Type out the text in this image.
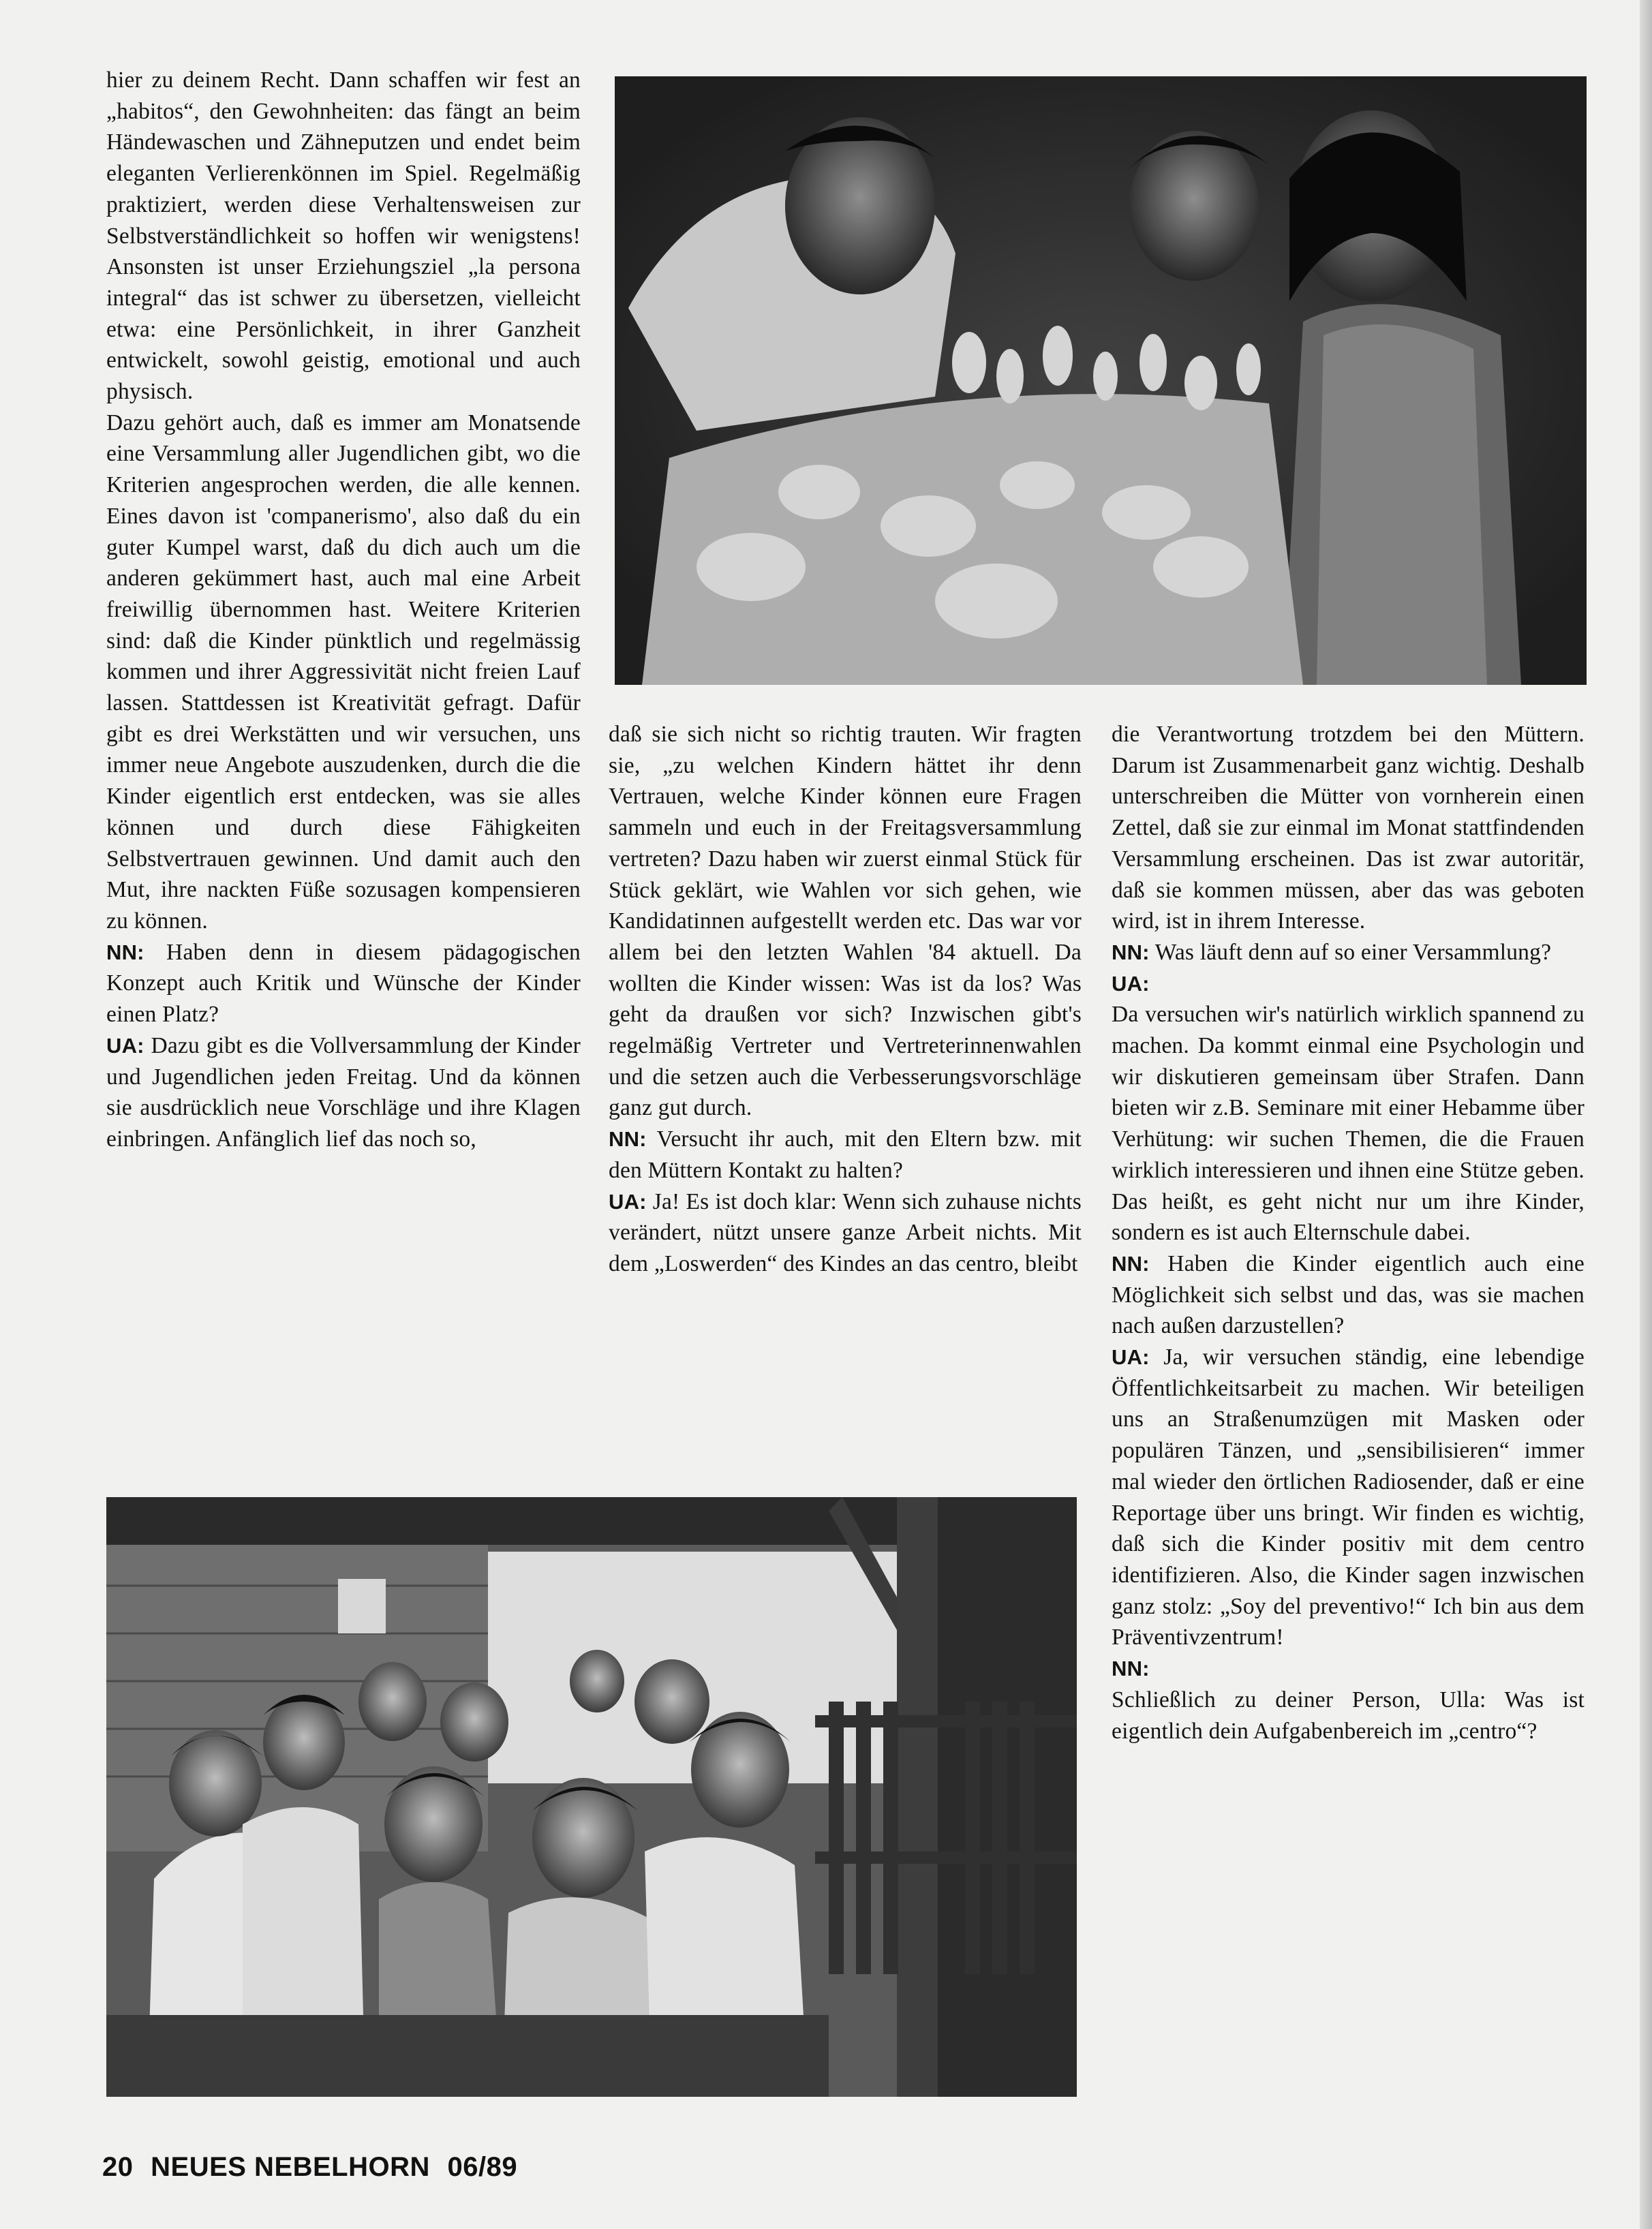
hier zu deinem Recht. Dann schaffen wir fest an „habitos“, den Gewohnheiten: das fängt an beim Händewaschen und Zähneputzen und endet beim eleganten Verlierenkönnen im Spiel. Regelmäßig praktiziert, werden diese Verhaltensweisen zur Selbstverständlichkeit so hoffen wir wenigstens! Ansonsten ist unser Erziehungsziel „la persona integral“ das ist schwer zu übersetzen, vielleicht etwa: eine Persönlichkeit, in ihrer Ganzheit entwickelt, sowohl geistig, emotional und auch physisch.

Dazu gehört auch, daß es immer am Monatsende eine Versammlung aller Jugendlichen gibt, wo die Kriterien angesprochen werden, die alle kennen. Eines davon ist 'companerismo', also daß du ein guter Kumpel warst, daß du dich auch um die anderen gekümmert hast, auch mal eine Arbeit freiwillig übernommen hast. Weitere Kriterien sind: daß die Kinder pünktlich und regelmässig kommen und ihrer Aggressivität nicht freien Lauf lassen. Stattdessen ist Kreativität gefragt. Dafür gibt es drei Werkstätten und wir versuchen, uns immer neue Angebote auszudenken, durch die die Kinder eigentlich erst entdecken, was sie alles können und durch diese Fähigkeiten Selbstvertrauen gewinnen. Und damit auch den Mut, ihre nackten Füße sozusagen kompensieren zu können.

NN: Haben denn in diesem pädagogischen Konzept auch Kritik und Wünsche der Kinder einen Platz?

UA: Dazu gibt es die Vollversammlung der Kinder und Jugendlichen jeden Freitag. Und da können sie ausdrücklich neue Vorschläge und ihre Klagen einbringen. Anfänglich lief das noch so,

daß sie sich nicht so richtig trauten. Wir fragten sie, „zu welchen Kindern hättet ihr denn Vertrauen, welche Kinder können eure Fragen sammeln und euch in der Freitagsversammlung vertreten? Dazu haben wir zuerst einmal Stück für Stück geklärt, wie Wahlen vor sich gehen, wie Kandidatinnen aufgestellt werden etc. Das war vor allem bei den letzten Wahlen '84 aktuell. Da wollten die Kinder wissen: Was ist da los? Was geht da draußen vor sich? Inzwischen gibt's regelmäßig Vertreter und Vertreterinnenwahlen und die setzen auch die Verbesserungsvorschläge ganz gut durch.

NN: Versucht ihr auch, mit den Eltern bzw. mit den Müttern Kontakt zu halten?

UA: Ja! Es ist doch klar: Wenn sich zuhause nichts verändert, nützt unsere ganze Arbeit nichts. Mit dem „Loswerden“ des Kindes an das centro, bleibt

die Verantwortung trotzdem bei den Müttern. Darum ist Zusammenarbeit ganz wichtig. Deshalb unterschreiben die Mütter von vornherein einen Zettel, daß sie zur einmal im Monat stattfindenden Versammlung erscheinen. Das ist zwar autoritär, daß sie kommen müssen, aber das was geboten wird, ist in ihrem Interesse.

NN: Was läuft denn auf so einer Versammlung?

UA:

Da versuchen wir's natürlich wirklich spannend zu machen. Da kommt einmal eine Psychologin und wir diskutieren gemeinsam über Strafen. Dann bieten wir z.B. Seminare mit einer Hebamme über Verhütung: wir suchen Themen, die die Frauen wirklich interessieren und ihnen eine Stütze geben. Das heißt, es geht nicht nur um ihre Kinder, sondern es ist auch Elternschule dabei.

NN: Haben die Kinder eigentlich auch eine Möglichkeit sich selbst und das, was sie machen nach außen darzustellen?

UA: Ja, wir versuchen ständig, eine lebendige Öffentlichkeitsarbeit zu machen. Wir beteiligen uns an Straßenumzügen mit Masken oder populären Tänzen, und „sensibilisieren“ immer mal wieder den örtlichen Radiosender, daß er eine Reportage über uns bringt. Wir finden es wichtig, daß sich die Kinder positiv mit dem centro identifizieren. Also, die Kinder sagen inzwischen ganz stolz: „Soy del preventivo!“ Ich bin aus dem Präventivzentrum!

NN:

Schließlich zu deiner Person, Ulla: Was ist eigentlich dein Aufgabenbereich im „centro“?

20 NEUES NEBELHORN 06/89
